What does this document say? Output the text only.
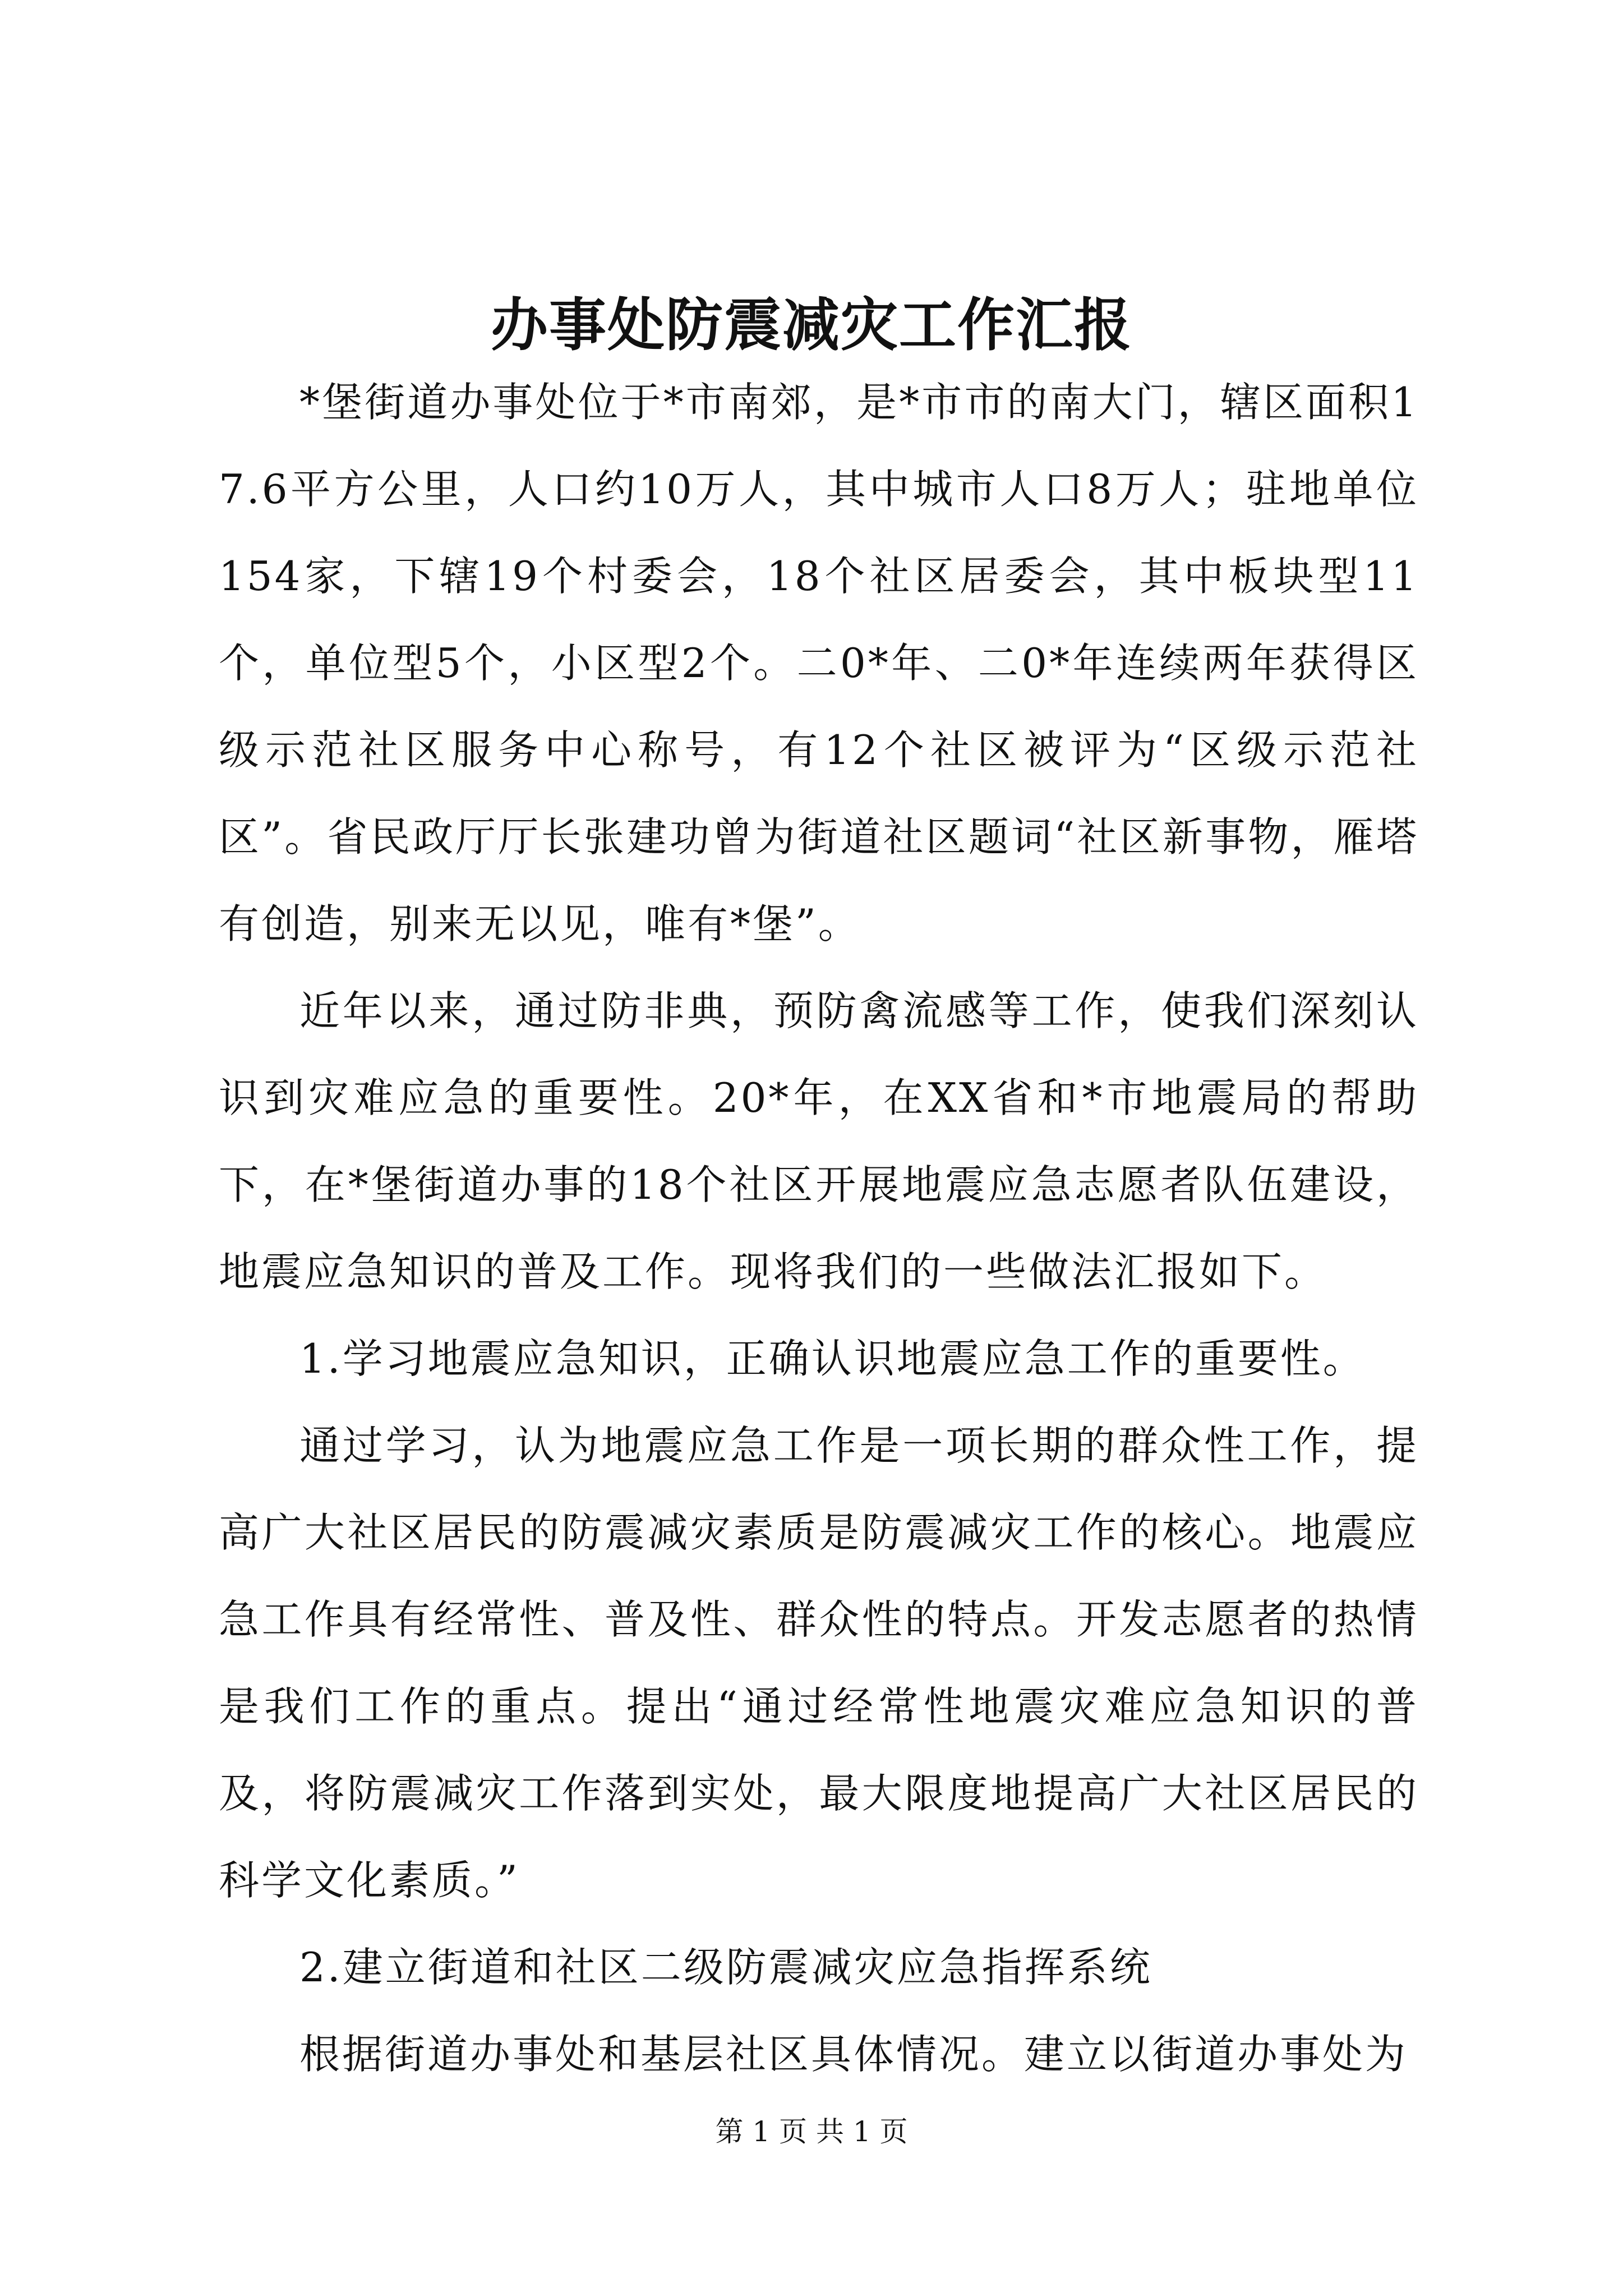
办事处防震减灾工作汇报

*堡街道办事处位于*市南郊，是*市市的南大门，辖区面积17.6平方公里，人口约10万人，其中城市人口8万人；驻地单位154家，下辖19个村委会，18个社区居委会，其中板块型11个，单位型5个，小区型2个。二0*年、二0*年连续两年获得区级示范社区服务中心称号，有12个社区被评为“区级示范社区”。省民政厅厅长张建功曾为街道社区题词“社区新事物，雁塔有创造，别来无以见，唯有*堡”。

近年以来，通过防非典，预防禽流感等工作，使我们深刻认识到灾难应急的重要性。20*年，在XX省和*市地震局的帮助下，在*堡街道办事的18个社区开展地震应急志愿者队伍建设，地震应急知识的普及工作。现将我们的一些做法汇报如下。

1.学习地震应急知识，正确认识地震应急工作的重要性。

通过学习，认为地震应急工作是一项长期的群众性工作，提高广大社区居民的防震减灾素质是防震减灾工作的核心。地震应急工作具有经常性、普及性、群众性的特点。开发志愿者的热情是我们工作的重点。提出“通过经常性地震灾难应急知识的普及，将防震减灾工作落到实处，最大限度地提高广大社区居民的科学文化素质。”

2.建立街道和社区二级防震减灾应急指挥系统

根据街道办事处和基层社区具体情况。建立以街道办事处为

第 1 页 共 1 页
